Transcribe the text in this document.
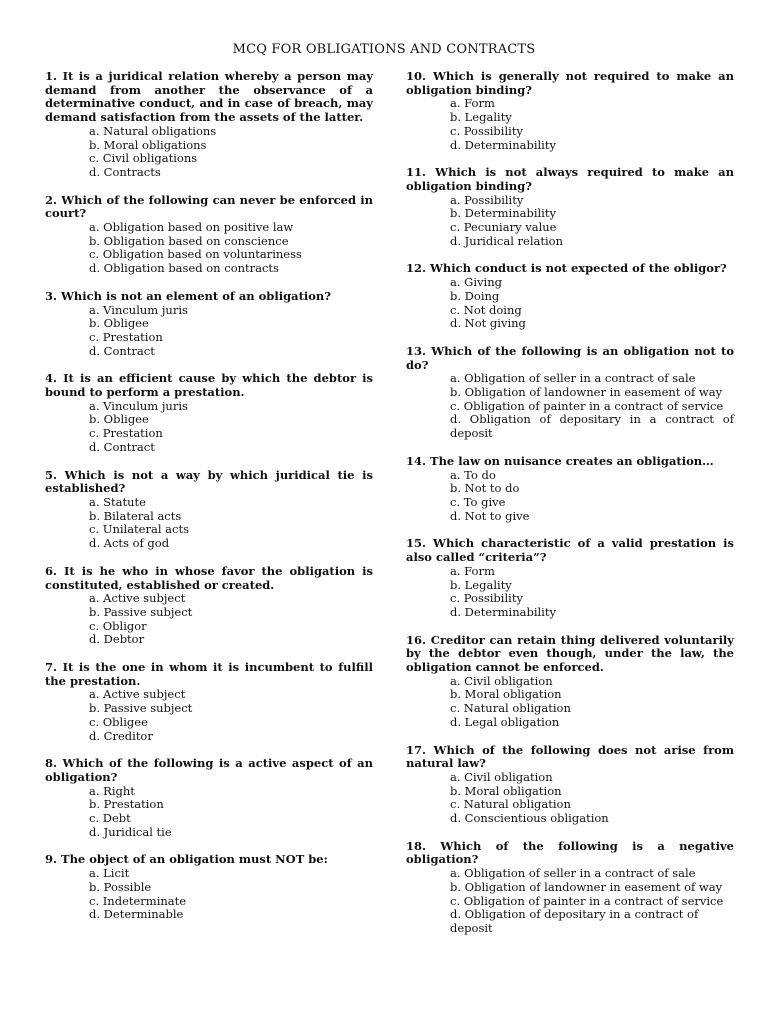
MCQ FOR OBLIGATIONS AND CONTRACTS

1. It is a juridical relation whereby a person may demand from another the observance of a determinative conduct, and in case of breach, may demand satisfaction from the assets of the latter.

a. Natural obligations
b. Moral obligations
c. Civil obligations
d. Contracts

2. Which of the following can never be enforced in court?

a. Obligation based on positive law
b. Obligation based on conscience
c. Obligation based on voluntariness
d. Obligation based on contracts

3. Which is not an element of an obligation?

a. Vinculum juris
b. Obligee
c. Prestation
d. Contract

4. It is an efficient cause by which the debtor is bound to perform a prestation.

a. Vinculum juris
b. Obligee
c. Prestation
d. Contract

5. Which is not a way by which juridical tie is established?

a. Statute
b. Bilateral acts
c. Unilateral acts
d. Acts of god

6. It is he who in whose favor the obligation is constituted, established or created.

a. Active subject
b. Passive subject
c. Obligor
d. Debtor

7. It is the one in whom it is incumbent to fulfill the prestation.

a. Active subject
b. Passive subject
c. Obligee
d. Creditor

8. Which of the following is a active aspect of an obligation?

a. Right
b. Prestation
c. Debt
d. Juridical tie

9. The object of an obligation must NOT be:

a. Licit
b. Possible
c. Indeterminate
d. Determinable

10. Which is generally not required to make an obligation binding?

a. Form
b. Legality
c. Possibility
d. Determinability

11. Which is not always required to make an obligation binding?

a. Possibility
b. Determinability
c. Pecuniary value
d. Juridical relation

12. Which conduct is not expected of the obligor?

a. Giving
b. Doing
c. Not doing
d. Not giving

13. Which of the following is an obligation not to do?

a. Obligation of seller in a contract of sale
b. Obligation of landowner in easement of way
c. Obligation of painter in a contract of service
d. Obligation of depositary in a contract of deposit

14. The law on nuisance creates an obligation…

a. To do
b. Not to do
c. To give
d. Not to give

15. Which characteristic of a valid prestation is also called “criteria”?

a. Form
b. Legality
c. Possibility
d. Determinability

16. Creditor can retain thing delivered voluntarily by the debtor even though, under the law, the obligation cannot be enforced.

a. Civil obligation
b. Moral obligation
c. Natural obligation
d. Legal obligation

17. Which of the following does not arise from natural law?

a. Civil obligation
b. Moral obligation
c. Natural obligation
d. Conscientious obligation

18. Which of the following is a negative obligation?

a. Obligation of seller in a contract of sale
b. Obligation of landowner in easement of way
c. Obligation of painter in a contract of service
d. Obligation of depositary in a contract of deposit
